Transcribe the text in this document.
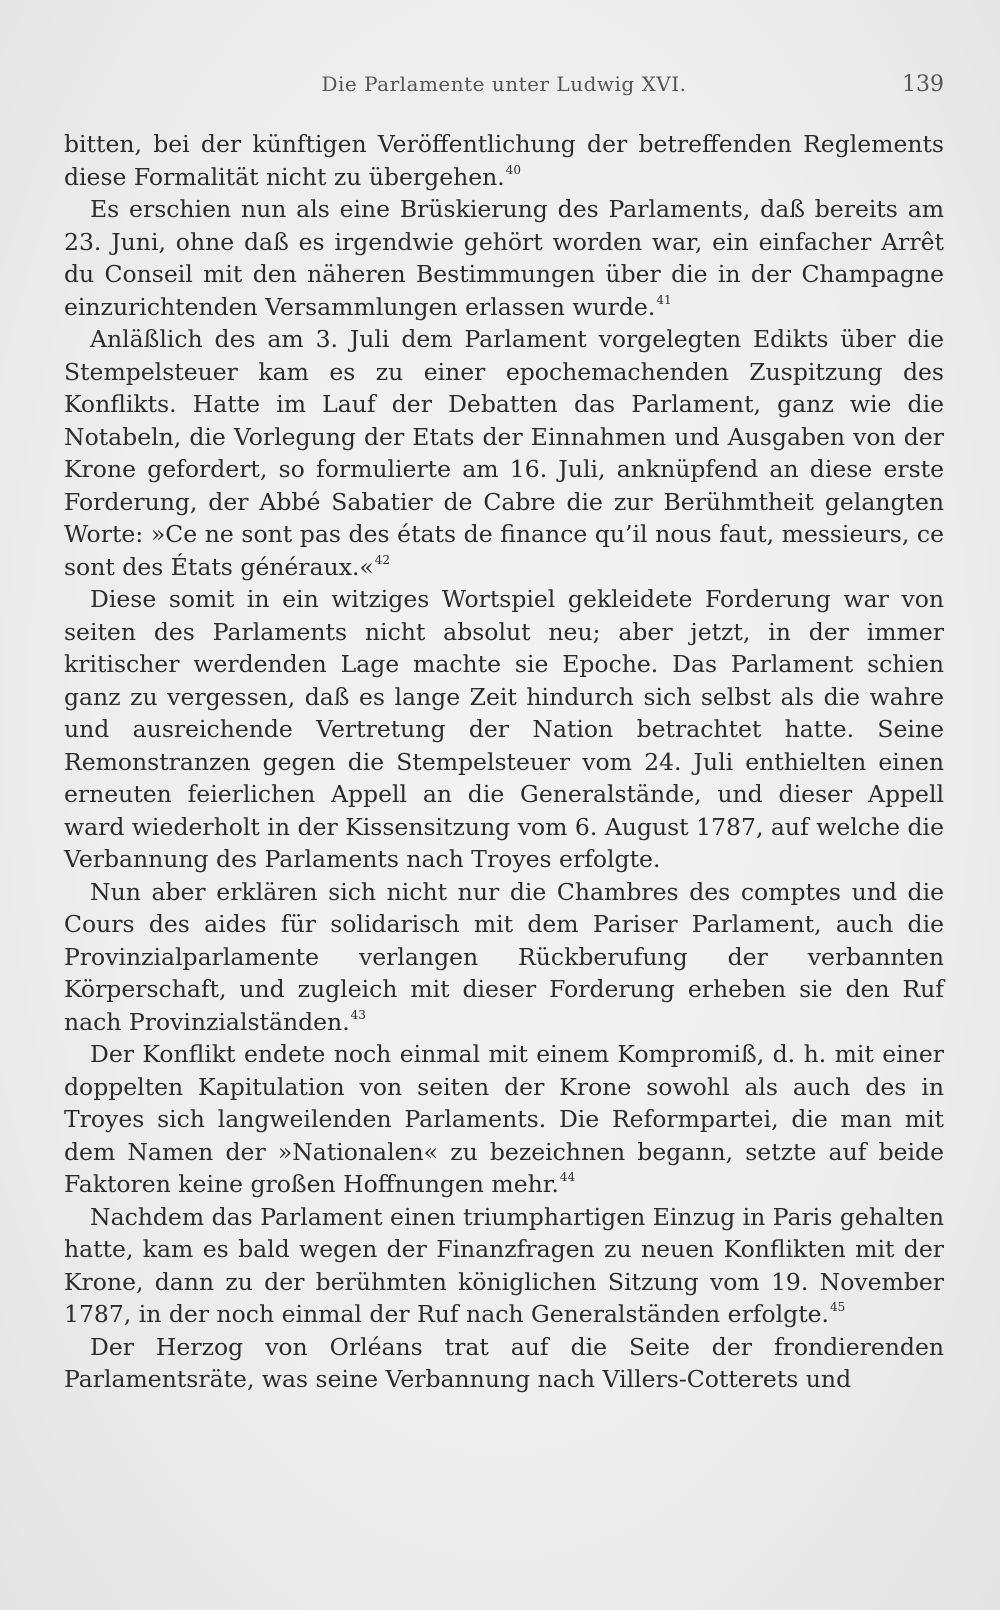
Die Parlamente unter Ludwig XVI.	139

bitten, bei der künftigen Veröffentlichung der betreffenden Reglements diese Formalität nicht zu übergehen.$^{40}$

Es erschien nun als eine Brüskierung des Parlaments, daß bereits am 23. Juni, ohne daß es irgendwie gehört worden war, ein einfacher Arrêt du Conseil mit den näheren Bestimmungen über die in der Champagne einzurichtenden Versammlungen erlassen wurde.$^{41}$

Anläßlich des am 3. Juli dem Parlament vorgelegten Edikts über die Stempelsteuer kam es zu einer epochemachenden Zuspitzung des Konflikts. Hatte im Lauf der Debatten das Parlament, ganz wie die Notabeln, die Vorlegung der Etats der Einnahmen und Ausgaben von der Krone gefordert, so formulierte am 16. Juli, anknüpfend an diese erste Forderung, der Abbé Sabatier de Cabre die zur Berühmtheit gelangten Worte: »Ce ne sont pas des états de finance qu’il nous faut, messieurs, ce sont des États généraux.«$^{42}$

Diese somit in ein witziges Wortspiel gekleidete Forderung war von seiten des Parlaments nicht absolut neu; aber jetzt, in der immer kritischer werdenden Lage machte sie Epoche. Das Parlament schien ganz zu vergessen, daß es lange Zeit hindurch sich selbst als die wahre und ausreichende Vertretung der Nation betrachtet hatte. Seine Remonstranzen gegen die Stempelsteuer vom 24. Juli enthielten einen erneuten feierlichen Appell an die Generalstände, und dieser Appell ward wiederholt in der Kissensitzung vom 6. August 1787, auf welche die Verbannung des Parlaments nach Troyes erfolgte.

Nun aber erklären sich nicht nur die Chambres des comptes und die Cours des aides für solidarisch mit dem Pariser Parlament, auch die Provinzialparlamente verlangen Rückberufung der verbannten Körperschaft, und zugleich mit dieser Forderung erheben sie den Ruf nach Provinzialständen.$^{43}$

Der Konflikt endete noch einmal mit einem Kompromiß, d. h. mit einer doppelten Kapitulation von seiten der Krone sowohl als auch des in Troyes sich langweilenden Parlaments. Die Reformpartei, die man mit dem Namen der »Nationalen« zu bezeichnen begann, setzte auf beide Faktoren keine großen Hoffnungen mehr.$^{44}$

Nachdem das Parlament einen triumphartigen Einzug in Paris gehalten hatte, kam es bald wegen der Finanzfragen zu neuen Konflikten mit der Krone, dann zu der berühmten königlichen Sitzung vom 19. November 1787, in der noch einmal der Ruf nach Generalständen erfolgte.$^{45}$

Der Herzog von Orléans trat auf die Seite der frondierenden Parlamentsräte, was seine Verbannung nach Villers-Cotterets und
